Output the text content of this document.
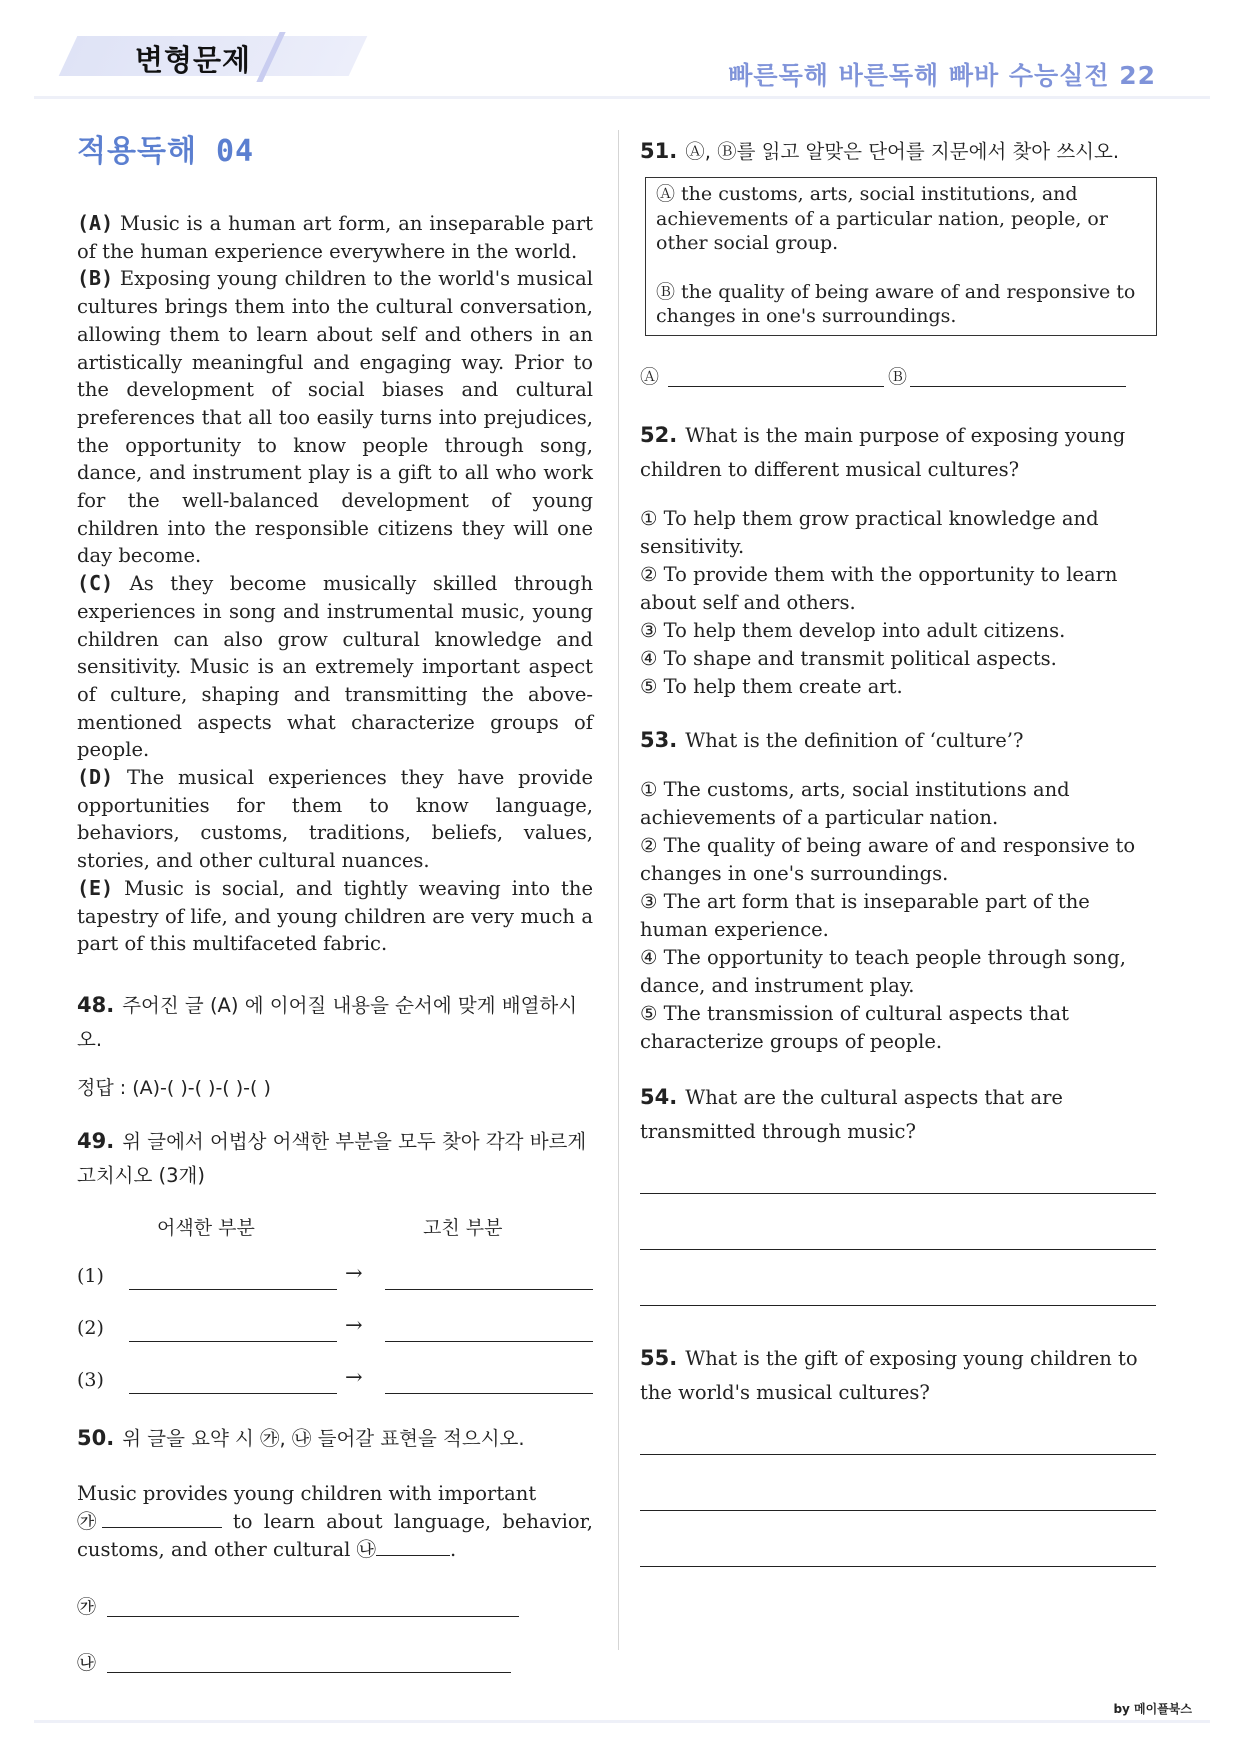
변형문제	빠른독해 바른독해 빠바 수능실전 22
적용독해 04

(A) Music is a human art form, an inseparable part of the human experience everywhere in the world.

(B) Exposing young children to the world's musical cultures brings them into the cultural conversation, allowing them to learn about self and others in an artistically meaningful and engaging way. Prior to the development of social biases and cultural preferences that all too easily turns into prejudices, the opportunity to know people through song, dance, and instrument play is a gift to all who work for the well-balanced development of young children into the responsible citizens they will one day become.

(C) As they become musically skilled through experiences in song and instrumental music, young children can also grow cultural knowledge and sensitivity. Music is an extremely important aspect of culture, shaping and transmitting the above-mentioned aspects what characterize groups of people.

(D) The musical experiences they have provide opportunities for them to know language, behaviors, customs, traditions, beliefs, values, stories, and other cultural nuances.

(E) Music is social, and tightly weaving into the tapestry of life, and young children are very much a part of this multifaceted fabric.

48. 주어진 글 (A) 에 이어질 내용을 순서에 맞게 배열하시오.
정답 : (A)-( )-( )-( )-( )
49. 위 글에서 어법상 어색한 부분을 모두 찾아 각각 바르게 고치시오 (3개)
어색한 부분	고친 부분
(1)	→
(2)	→
(3)	→
50. 위 글을 요약 시 ㉮, ㉯ 들어갈 표현을 적으시오.
Music provides young children with important
㉮	to learn about language, behavior, customs, and other cultural ㉯	.
㉮
㉯
51. Ⓐ, Ⓑ를 읽고 알맞은 단어를 지문에서 찾아 쓰시오.
Ⓐ the customs, arts, social institutions, and achievements of a particular nation, people, or other social group.
Ⓑ the quality of being aware of and responsive to changes in one's surroundings.
Ⓐ	Ⓑ
52. What is the main purpose of exposing young children to different musical cultures?
① To help them grow practical knowledge and sensitivity.
② To provide them with the opportunity to learn about self and others.
③ To help them develop into adult citizens.
④ To shape and transmit political aspects.
⑤ To help them create art.
53. What is the definition of ‘culture’?
① The customs, arts, social institutions and achievements of a particular nation.
② The quality of being aware of and responsive to changes in one's surroundings.
③ The art form that is inseparable part of the human experience.
④ The opportunity to teach people through song, dance, and instrument play.
⑤ The transmission of cultural aspects that characterize groups of people.
54. What are the cultural aspects that are transmitted through music?
55. What is the gift of exposing young children to the world's musical cultures?
by 메이플북스
